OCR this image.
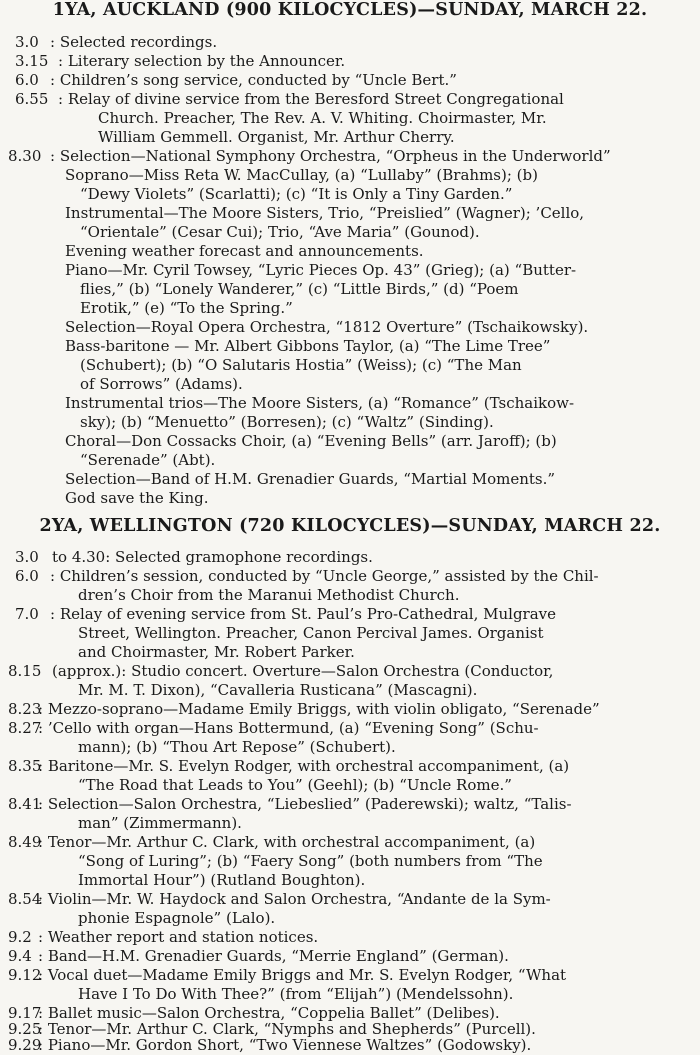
1YA, AUCKLAND (900 KILOCYCLES)—SUNDAY, MARCH 22.
3.0 : Selected recordings.
3.15 : Literary selection by the Announcer.
6.0 : Children’s song service, conducted by “Uncle Bert.”
6.55 : Relay of divine service from the Beresford Street Congregational
Church. Preacher, The Rev. A. V. Whiting. Choirmaster, Mr.
William Gemmell. Organist, Mr. Arthur Cherry.
8.30 : Selection—National Symphony Orchestra, “Orpheus in the Underworld”
Soprano—Miss Reta W. MacCullay, (a) “Lullaby” (Brahms); (b)
“Dewy Violets” (Scarlatti); (c) “It is Only a Tiny Garden.”
Instrumental—The Moore Sisters, Trio, “Preislied” (Wagner); ’Cello,
“Orientale” (Cesar Cui); Trio, “Ave Maria” (Gounod).
Evening weather forecast and announcements.
Piano—Mr. Cyril Towsey, “Lyric Pieces Op. 43” (Grieg); (a) “Butter-
flies,” (b) “Lonely Wanderer,” (c) “Little Birds,” (d) “Poem
Erotik,” (e) “To the Spring.”
Selection—Royal Opera Orchestra, “1812 Overture” (Tschaikowsky).
Bass-baritone — Mr. Albert Gibbons Taylor, (a) “The Lime Tree”
(Schubert); (b) “O Salutaris Hostia” (Weiss); (c) “The Man
of Sorrows” (Adams).
Instrumental trios—The Moore Sisters, (a) “Romance” (Tschaikow-
sky); (b) “Menuetto” (Borresen); (c) “Waltz” (Sinding).
Choral—Don Cossacks Choir, (a) “Evening Bells” (arr. Jaroff); (b)
“Serenade” (Abt).
Selection—Band of H.M. Grenadier Guards, “Martial Moments.”
God save the King.
2YA, WELLINGTON (720 KILOCYCLES)—SUNDAY, MARCH 22.
3.0 to 4.30: Selected gramophone recordings.
6.0 : Children’s session, conducted by “Uncle George,” assisted by the Chil-
dren’s Choir from the Maranui Methodist Church.
7.0 : Relay of evening service from St. Paul’s Pro-Cathedral, Mulgrave
Street, Wellington. Preacher, Canon Percival James. Organist
and Choirmaster, Mr. Robert Parker.
8.15 (approx.): Studio concert. Overture—Salon Orchestra (Conductor,
Mr. M. T. Dixon), “Cavalleria Rusticana” (Mascagni).
8.23
: Mezzo-soprano—Madame Emily Briggs, with violin obligato, “Serenade”
8.27
: ’Cello with organ—Hans Bottermund, (a) “Evening Song” (Schu-
mann); (b) “Thou Art Repose” (Schubert).
8.35
: Baritone—Mr. S. Evelyn Rodger, with orchestral accompaniment, (a)
“The Road that Leads to You” (Geehl); (b) “Uncle Rome.”
8.41
: Selection—Salon Orchestra, “Liebeslied” (Paderewski); waltz, “Talis-
man” (Zimmermann).
8.49
: Tenor—Mr. Arthur C. Clark, with orchestral accompaniment, (a)
“Song of Luring”; (b) “Faery Song” (both numbers from “The
Immortal Hour”) (Rutland Boughton).
8.54
: Violin—Mr. W. Haydock and Salon Orchestra, “Andante de la Sym-
phonie Espagnole” (Lalo).
9.2 : Weather report and station notices.
9.4 : Band—H.M. Grenadier Guards, “Merrie England” (German).
9.12
: Vocal duet—Madame Emily Briggs and Mr. S. Evelyn Rodger, “What
Have I To Do With Thee?” (from “Elijah”) (Mendelssohn).
9.17
: Ballet music—Salon Orchestra, “Coppelia Ballet” (Delibes).
9.25
: Tenor—Mr. Arthur C. Clark, “Nymphs and Shepherds” (Purcell).
9.29
: Piano—Mr. Gordon Short, “Two Viennese Waltzes” (Godowsky).
